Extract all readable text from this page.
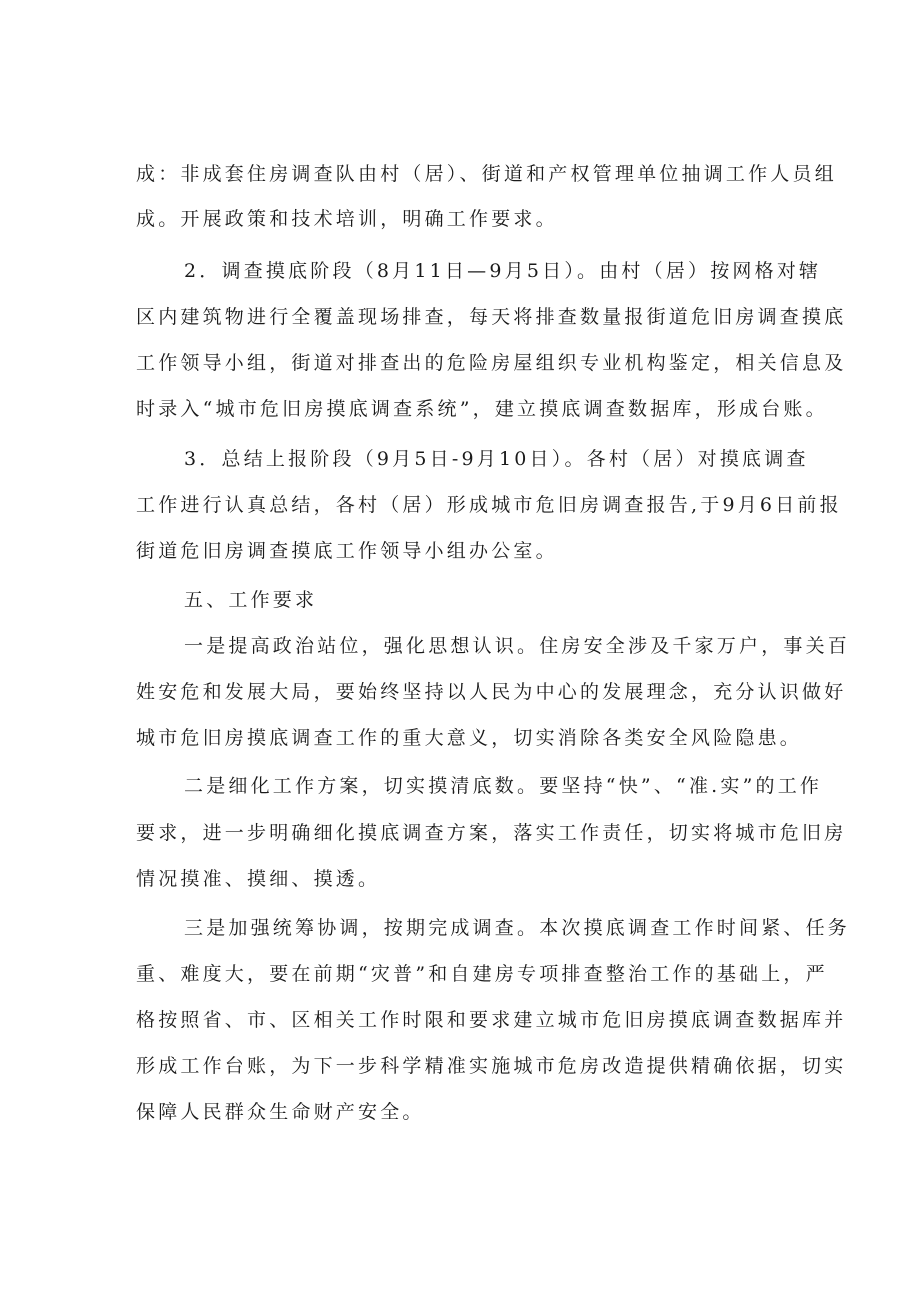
成：非成套住房调查队由村（居）、街道和产权管理单位抽调工作人员组
成。开展政策和技术培训，明确工作要求。
2．调查摸底阶段（8月11日—9月5日）。由村（居）按网格对辖
区内建筑物进行全覆盖现场排查，每天将排查数量报街道危旧房调查摸底
工作领导小组，街道对排查出的危险房屋组织专业机构鉴定，相关信息及
时录入“城市危旧房摸底调查系统”，建立摸底调查数据库，形成台账。
3．总结上报阶段（9月5日-9月10日）。各村（居）对摸底调查
工作进行认真总结，各村（居）形成城市危旧房调查报告,于9月6日前报
街道危旧房调查摸底工作领导小组办公室。
五、工作要求
一是提高政治站位，强化思想认识。住房安全涉及千家万户，事关百
姓安危和发展大局，要始终坚持以人民为中心的发展理念，充分认识做好
城市危旧房摸底调查工作的重大意义，切实消除各类安全风险隐患。
二是细化工作方案，切实摸清底数。要坚持“快”、“准.实”的工作
要求，进一步明确细化摸底调查方案，落实工作责任，切实将城市危旧房
情况摸准、摸细、摸透。
三是加强统筹协调，按期完成调查。本次摸底调查工作时间紧、任务
重、难度大，要在前期“灾普”和自建房专项排查整治工作的基础上，严
格按照省、市、区相关工作时限和要求建立城市危旧房摸底调查数据库并
形成工作台账，为下一步科学精准实施城市危房改造提供精确依据，切实
保障人民群众生命财产安全。
